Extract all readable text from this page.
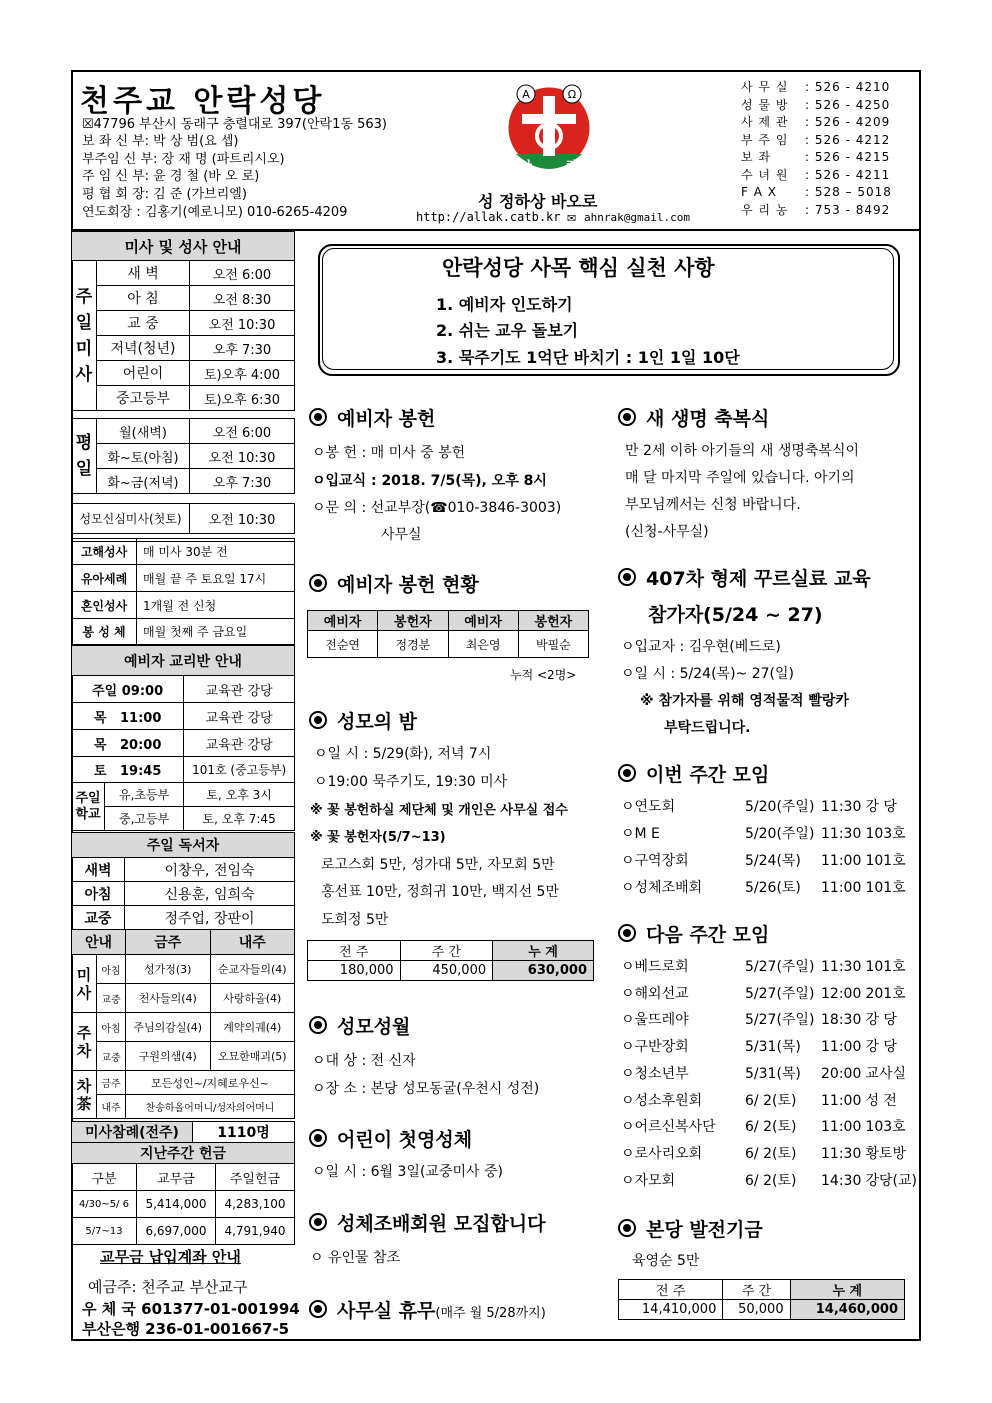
천주교 안락성당
☒47796 부산시 동래구 충렬대로 397(안락1동 563)
보 좌 신 부: 박 상 범(요 셉)
부주임 신 부: 장 재 명 (파트리시오)
주 임 신 부: 윤 경 철 (바 오 로)
평 협 회 장: 김 준 (가브리엘)
연도회장 : 김홍기(예로니모) 010-6265-4209
A	Ω
안 1984 락
성 정하상 바오로
http://allak.catb.kr ✉ ahnrak@gmail.com
사 무 실 : 526 - 4210
성 물 방 : 526 - 4250
사 제 관 : 526 - 4209
부 주 임 : 526 - 4212
보 좌	: 526 - 4215
수 녀 원 : 526 - 4211
F A X : 528 – 5018
우 리 농 : 753 - 8492
미사 및 성사 안내		

주
일
미
사	새 벽	오전 6:00
	아 침	오전 8:30
	교 중	오전 10:30
	저녁(청년)	오후 7:30
	어린이	토)오후 4:00
	중고등부	토)오후 6:30

평
일	월(새벽)	오전 6:00
	화~토(아침)	오전 10:30
	화~금(저녁)	오후 7:30

성모신심미사(첫토)		오전 10:30

고해성사	매 미사 30분 전
유아세례	매월 끝 주 토요일 17시
혼인성사	1개월 전 신청
봉 성 체	매월 첫째 주 금요일
예비자 교리반 안내		
주일 09:00		교육관 강당
목 11:00		교육관 강당
목 20:00		교육관 강당
토 19:45		101호 (중고등부)
주일
학교	유,초등부	토, 오후 3시
	중,고등부	토, 오후 7:45
주일 독서자	
새벽	이창우, 전임숙
아침	신용훈, 임희숙
교중	정주업, 장판이
안내		금주	내주
미
사	아침	성가정(3)	순교자들의(4)
	교중	천사들의(4)	사랑하올(4)
주
차	아침	주님의감실(4)	계약의궤(4)
	교중	구원의샘(4)	오묘한매괴(5)
차
茶	금주	모든성인~/지혜로우신~	
	내주	찬송하올어머니/성자의어머니	
미사참례(전주)	1110명
지난주간 헌금		
구분	교무금	주일헌금
4/30~5/ 6	5,414,000	4,283,100
5/7~13	6,697,000	4,791,940
교무금 납입계좌 안내
예금주: 천주교 부산교구
우 체 국 601377-01-001994
부산은행 236-01-001667-5
안락성당 사목 핵심 실천 사항
1. 예비자 인도하기
2. 쉬는 교우 돌보기
3. 묵주기도 1억단 바치기 : 1인 1일 10단
예비자 봉헌
ㅇ봉 헌 : 매 미사 중 봉헌
ㅇ입교식 : 2018. 7/5(목), 오후 8시
ㅇ문 의 : 선교부장(☎010-3846-3003)
사무실
예비자 봉헌 현황
예비자	봉헌자	예비자	봉헌자
전순연	정경분	최은영	박필순
누적 <2명>
성모의 밤
ㅇ일 시 : 5/29(화), 저녁 7시
ㅇ19:00 묵주기도, 19:30 미사
※ 꽃 봉헌하실 제단체 및 개인은 사무실 접수
※ 꽃 봉헌자(5/7~13)
로고스회 5만, 성가대 5만, 자모회 5만
홍선표 10만, 정희귀 10만, 백지선 5만
도희정 5만
전 주	주 간	누 계
180,000	450,000	630,000
성모성월
ㅇ대 상 : 전 신자
ㅇ장 소 : 본당 성모동굴(우천시 성전)
어린이 첫영성체
ㅇ일 시 : 6월 3일(교중미사 중)
성체조배회원 모집합니다
ㅇ 유인물 참조
사무실 휴무(매주 월 5/28까지)
새 생명 축복식
만 2세 이하 아기들의 새 생명축복식이
매 달 마지막 주일에 있습니다. 아기의
부모님께서는 신청 바랍니다.
(신청-사무실)
407차 형제 꾸르실료 교육
참가자(5/24 ~ 27)
ㅇ입교자 : 김우현(베드로)
ㅇ일 시 : 5/24(목)~ 27(일)
※ 참가자를 위해 영적물적 빨랑카
부탁드립니다.
이번 주간 모임
ㅇ연도회	5/20(주일) 11:30 강 당
ㅇM E	5/20(주일) 11:30 103호
ㅇ구역장회	5/24(목) 11:00 101호
ㅇ성체조배회	5/26(토) 11:00 101호
다음 주간 모임
ㅇ베드로회	5/27(주일) 11:30 101호
ㅇ해외선교	5/27(주일) 12:00 201호
ㅇ울뜨레야	5/27(주일) 18:30 강 당
ㅇ구반장회	5/31(목) 11:00 강 당
ㅇ청소년부	5/31(목) 20:00 교사실
ㅇ성소후원회	6/ 2(토) 11:00 성 전
ㅇ어르신복사단 6/ 2(토) 11:00 103호
ㅇ로사리오회	6/ 2(토) 11:30 황토방
ㅇ자모회	6/ 2(토) 14:30 강당(교)
본당 발전기금
육영순 5만
전 주	주 간	누 계
14,410,000	50,000	14,460,000
